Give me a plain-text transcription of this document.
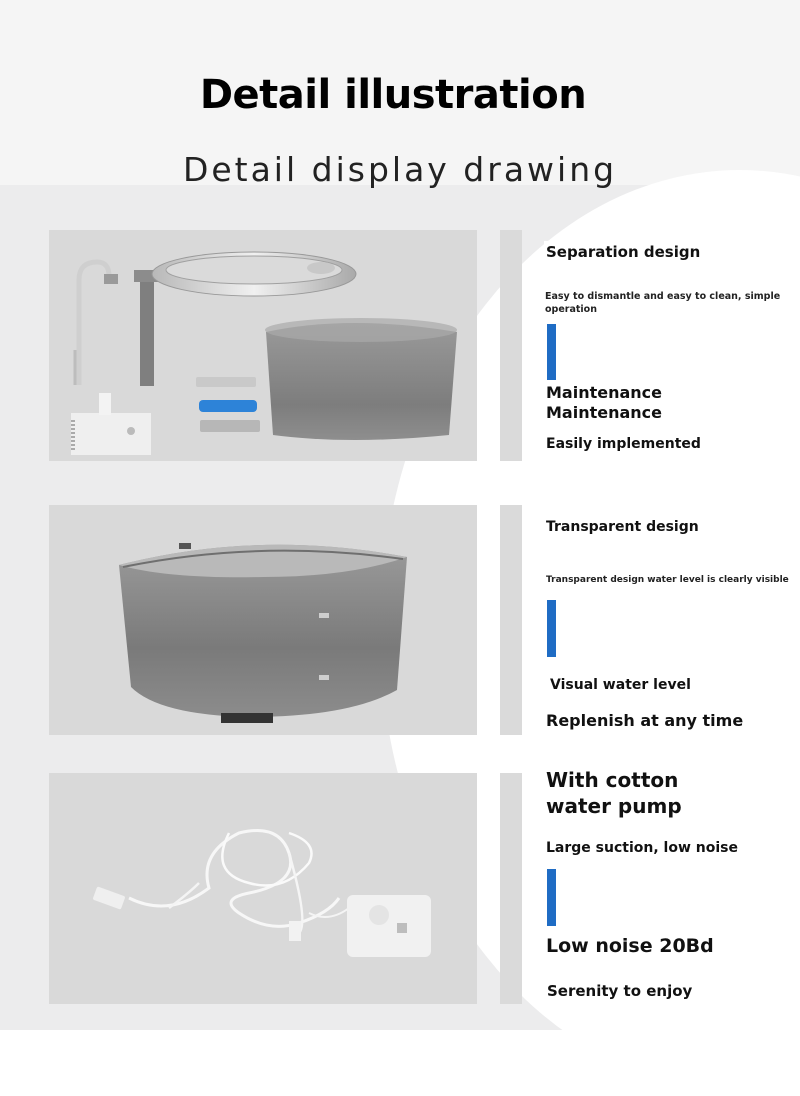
Detail illustration
Detail display drawing
Separation design
Easy to dismantle and easy to clean, simple operation
Maintenance
Maintenance
Easily implemented
Transparent design
Transparent design water level is clearly visible
Visual water level
Replenish at any time
With cotton
water pump
Large suction, low noise
Low noise 20Bd
Serenity to enjoy
